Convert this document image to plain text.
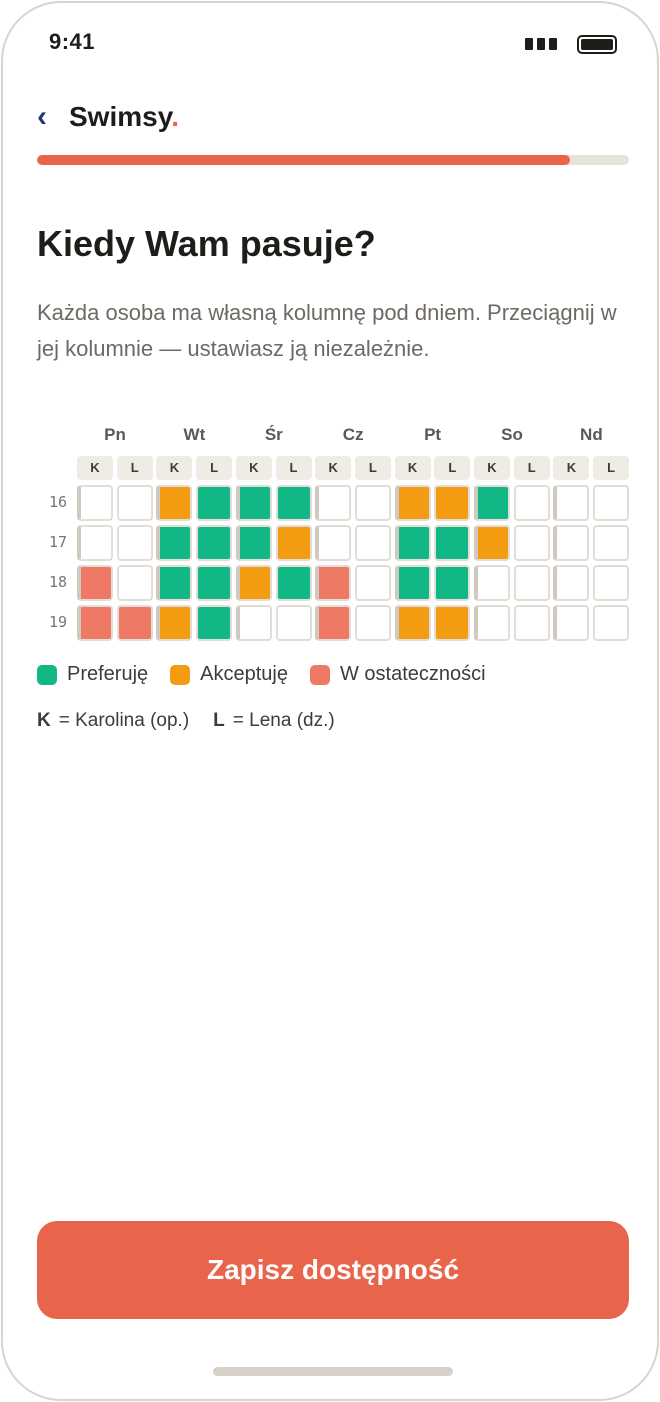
9:41
‹ Swimsy.
Kiedy Wam pasuje?
Każda osoba ma własną kolumnę pod dniem. Przeciągnij w jej kolumnie — ustawiasz ją niezależnie.
Pn	Wt	Śr	Cz	Pt	So	Nd
K	L	K	L	K	L	K	L	K	L	K	L	K	L
16
17
18
19
Preferuję	Akceptuję	W ostateczności
K = Karolina (op.) L = Lena (dz.)
Zapisz dostępność
